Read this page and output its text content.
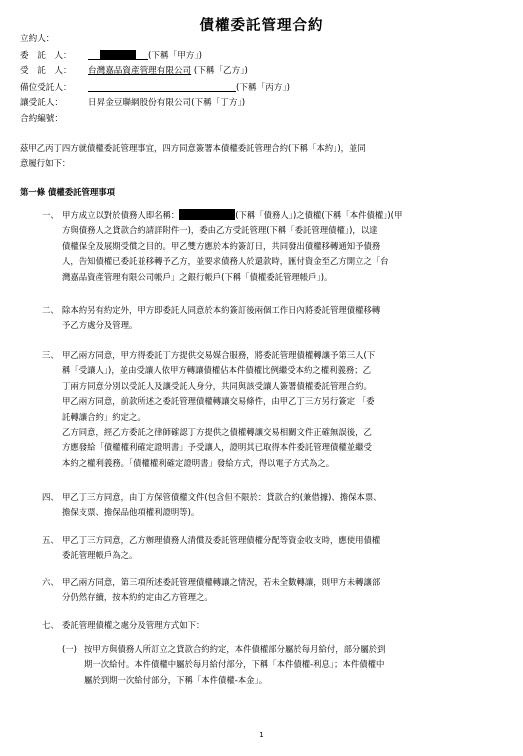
債權委託管理合約
立約人：
委　託　人：	(下稱「甲方」)
受　託　人： 台灣嘉品資產管理有限公司 (下稱「乙方」)
備位受託人：	(下稱「丙方」)
讓受託人：	日昇金豆聯網股份有限公司(下稱「丁方」)
合約編號：
茲甲乙丙丁四方就債權委託管理事宜，四方同意簽署本債權委託管理合約(下稱「本約」)，並同
意履行如下：
第一條 債權委託管理事項
一、 甲方成立以對於債務人即名稱：	(下稱「債務人」)之債權(下稱「本件債權」)(甲
方與債務人之貸款合約請詳附件一)，委由乙方受託管理(下稱「委託管理債權」)，以達
債權保全及展期受償之目的。甲乙雙方應於本約簽訂日，共同發出債權移轉通知予債務
人，告知債權已委託並移轉予乙方，並要求債務人於還款時，匯付資金至乙方開立之「台
灣嘉品資產管理有限公司帳戶」之銀行帳戶(下稱「債權委託管理帳戶」)。
二、 除本約另有約定外，甲方即委託人同意於本約簽訂後兩個工作日內將委託管理債權移轉
予乙方處分及管理。
三、 甲乙兩方同意，甲方得委託丁方提供交易媒合服務，將委託管理債權轉讓予第三人(下
稱「受讓人」)，並由受讓人依甲方轉讓債權佔本件債權比例繼受本約之權利義務；乙
丁兩方同意分別以受託人及讓受託人身分，共同與該受讓人簽署債權委託管理合約。
甲乙兩方同意，前款所述之委託管理債權轉讓交易條件，由甲乙丁三方另行簽定 「委
託轉讓合約」約定之。
乙方同意，經乙方委託之律師確認丁方提供之債權轉讓交易相關文件正確無誤後，乙
方應發給「債權權利確定證明書」予受讓人，證明其已取得本件委託管理債權並繼受
本約之權利義務。「債權權利確定證明書」發給方式，得以電子方式為之。
四、 甲乙丁三方同意，由丁方保管債權文件(包含但不限於：貸款合約(兼借據)、擔保本票、
擔保支票、擔保品他項權利證明等)。
五、 甲乙丁三方同意，乙方辦理債務人清償及委託管理債權分配等資金收支時，應使用債權
委託管理帳戶為之。
六、 甲乙兩方同意，第三項所述委託管理債權轉讓之情況，若未全數轉讓，則甲方未轉讓部
分仍然存續，按本約約定由乙方管理之。
七、 委託管理債權之處分及管理方式如下：
(一) 按甲方與債務人所訂立之貸款合約約定，本件債權部分屬於每月給付，部分屬於到
期一次給付。本件債權中屬於每月給付部分，下稱「本件債權-利息」；本件債權中
屬於到期一次給付部分，下稱「本件債權-本金」。
1
